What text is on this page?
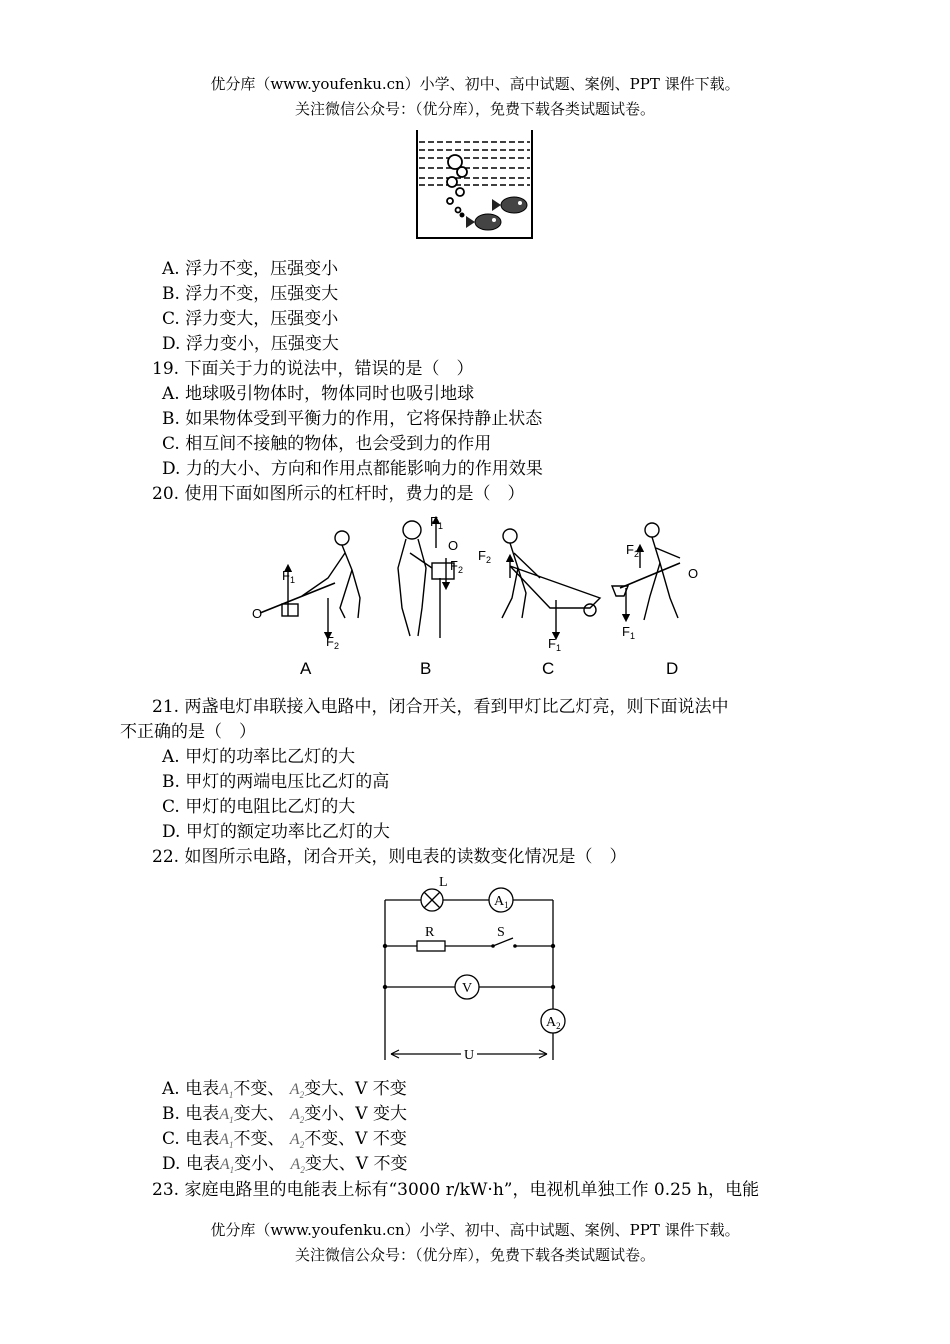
优分库（www.youfenku.cn）小学、初中、高中试题、案例、PPT 课件下载。
关注微信公众号：（优分库），免费下载各类试题试卷。
A. 浮力不变，压强变小
B. 浮力不变，压强变大
C. 浮力变大，压强变小
D. 浮力变小，压强变大
19. 下面关于力的说法中，错误的是（　）
A. 地球吸引物体时，物体同时也吸引地球
B. 如果物体受到平衡力的作用，它将保持静止状态
C. 相互间不接触的物体，也会受到力的作用
D. 力的大小、方向和作用点都能影响力的作用效果
20. 使用下面如图所示的杠杆时，费力的是（　）
$F_1$
$F_2$
O
$F_1$
O
$F_2$
$F_2$
$F_1$
$F_2$
O
$F_1$
A	B	C	D
21. 两盏电灯串联接入电路中，闭合开关，看到甲灯比乙灯亮，则下面说法中
不正确的是（　）
A. 甲灯的功率比乙灯的大
B. 甲灯的两端电压比乙灯的高
C. 甲灯的电阻比乙灯的大
D. 甲灯的额定功率比乙灯的大
22. 如图所示电路，闭合开关，则电表的读数变化情况是（　）
L
$A_1$
R	S
V
$A_2$
U
A. 电表$A_1$不变、 $A_2$变大、V 不变
B. 电表$A_1$变大、 $A_2$变小、V 变大
C. 电表$A_1$不变、 $A_2$不变、V 不变
D. 电表$A_1$变小、 $A_2$变大、V 不变
23. 家庭电路里的电能表上标有“3000 r/kW·h”，电视机单独工作 0.25 h，电能
优分库（www.youfenku.cn）小学、初中、高中试题、案例、PPT 课件下载。
关注微信公众号：（优分库），免费下载各类试题试卷。
